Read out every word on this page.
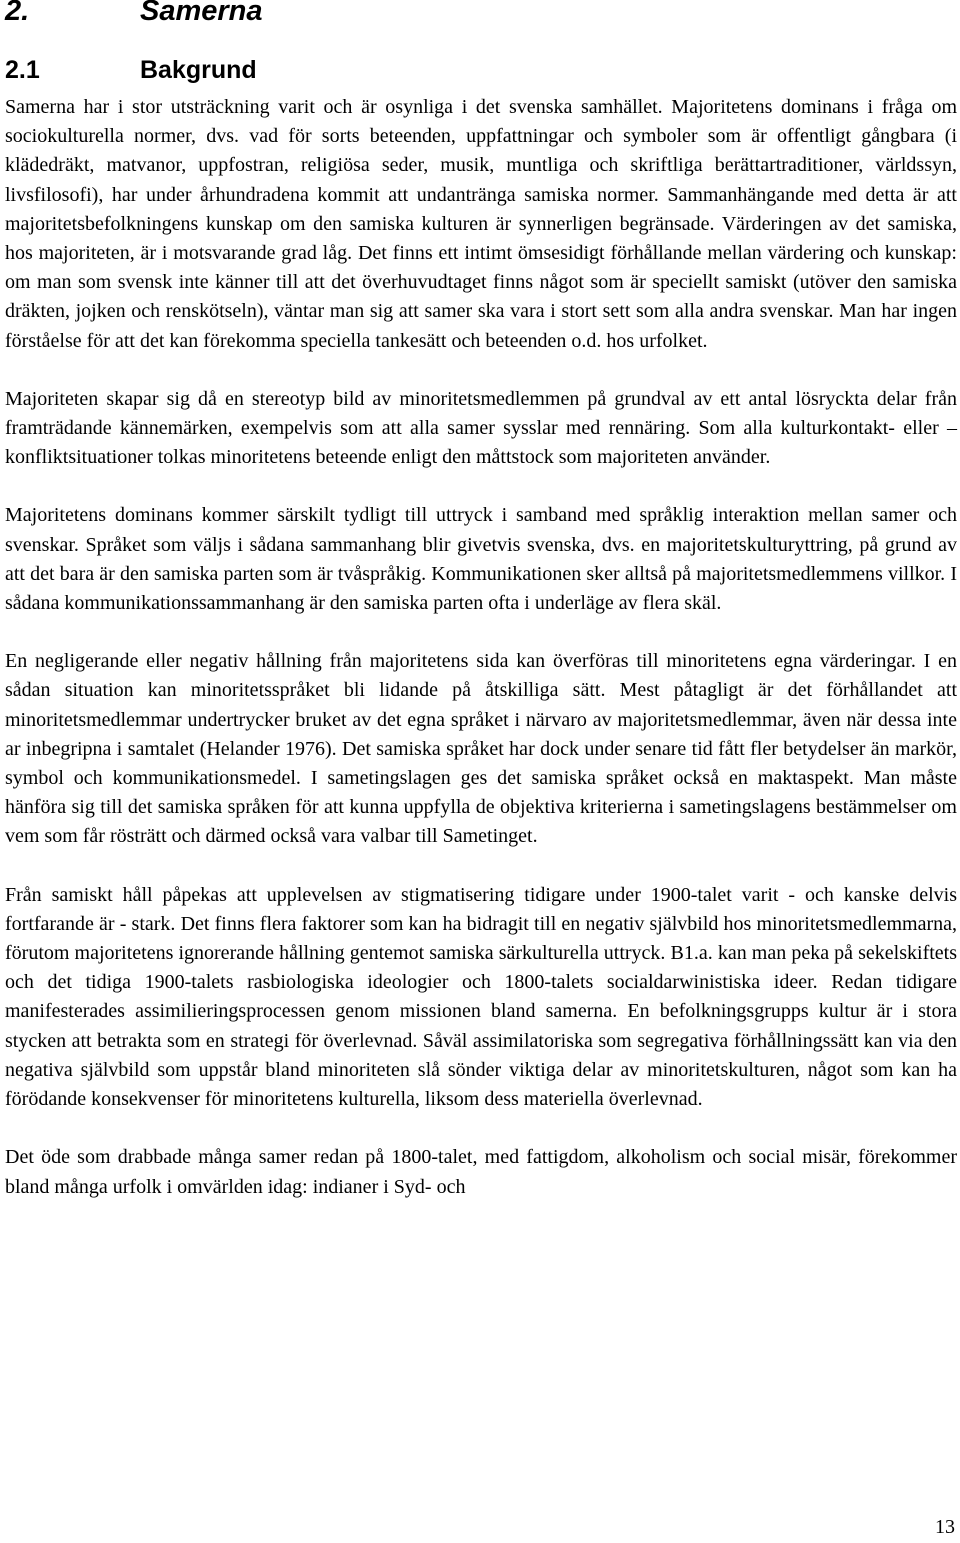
2.	Samerna
2.1	Bakgrund

Samerna har i stor utsträckning varit och är osynliga i det svenska samhället. Majoritetens dominans i fråga om sociokulturella normer, dvs. vad för sorts beteenden, uppfattningar och symboler som är offentligt gångbara (i klädedräkt, matvanor, uppfostran, religiösa seder, musik, muntliga och skriftliga berättartraditioner, världssyn, livsfilosofi), har under århundradena kommit att undantränga samiska normer. Sammanhängande med detta är att majoritetsbefolkningens kunskap om den samiska kulturen är synnerligen begränsade. Värderingen av det samiska, hos majoriteten, är i motsvarande grad låg. Det finns ett intimt ömsesidigt förhållande mellan värdering och kunskap: om man som svensk inte känner till att det överhuvudtaget finns något som är speciellt samiskt (utöver den samiska dräkten, jojken och renskötseln), väntar man sig att samer ska vara i stort sett som alla andra svenskar. Man har ingen förståelse för att det kan förekomma speciella tankesätt och beteenden o.d. hos urfolket.

Majoriteten skapar sig då en stereotyp bild av minoritetsmedlemmen på grundval av ett antal lösryckta delar från framträdande kännemärken, exempelvis som att alla samer sysslar med rennäring. Som alla kulturkontakt- eller –konfliktsituationer tolkas minoritetens beteende enligt den måttstock som majoriteten använder.

Majoritetens dominans kommer särskilt tydligt till uttryck i samband med språklig interaktion mellan samer och svenskar. Språket som väljs i sådana sammanhang blir givetvis svenska, dvs. en majoritetskulturyttring, på grund av att det bara är den samiska parten som är tvåspråkig. Kommunikationen sker alltså på majoritetsmedlemmens villkor. I sådana kommunikationssammanhang är den samiska parten ofta i underläge av flera skäl.

En negligerande eller negativ hållning från majoritetens sida kan överföras till minoritetens egna värderingar. I en sådan situation kan minoritetsspråket bli lidande på åtskilliga sätt. Mest påtagligt är det förhållandet att minoritetsmedlemmar undertrycker bruket av det egna språket i närvaro av majoritetsmedlemmar, även när dessa inte ar inbegripna i samtalet (Helander 1976). Det samiska språket har dock under senare tid fått fler betydelser än markör, symbol och kommunikationsmedel. I sametingslagen ges det samiska språket också en maktaspekt. Man måste hänföra sig till det samiska språken för att kunna uppfylla de objektiva kriterierna i sametingslagens bestämmelser om vem som får rösträtt och därmed också vara valbar till Sametinget.

Från samiskt håll påpekas att upplevelsen av stigmatisering tidigare under 1900-talet varit - och kanske delvis fortfarande är - stark. Det finns flera faktorer som kan ha bidragit till en negativ självbild hos minoritetsmedlemmarna, förutom majoritetens ignorerande hållning gentemot samiska särkulturella uttryck. B1.a. kan man peka på sekelskiftets och det tidiga 1900-talets rasbiologiska ideologier och 1800-talets socialdarwinistiska ideer. Redan tidigare manifesterades assimilieringsprocessen genom missionen bland samerna. En befolkningsgrupps kultur är i stora stycken att betrakta som en strategi för överlevnad. Såväl assimilatoriska som segregativa förhållningssätt kan via den negativa självbild som uppstår bland minoriteten slå sönder viktiga delar av minoritetskulturen, något som kan ha förödande konsekvenser för minoritetens kulturella, liksom dess materiella överlevnad.

Det öde som drabbade många samer redan på 1800-talet, med fattigdom, alkoholism och social misär, förekommer bland många urfolk i omvärlden idag: indianer i Syd- och

13
